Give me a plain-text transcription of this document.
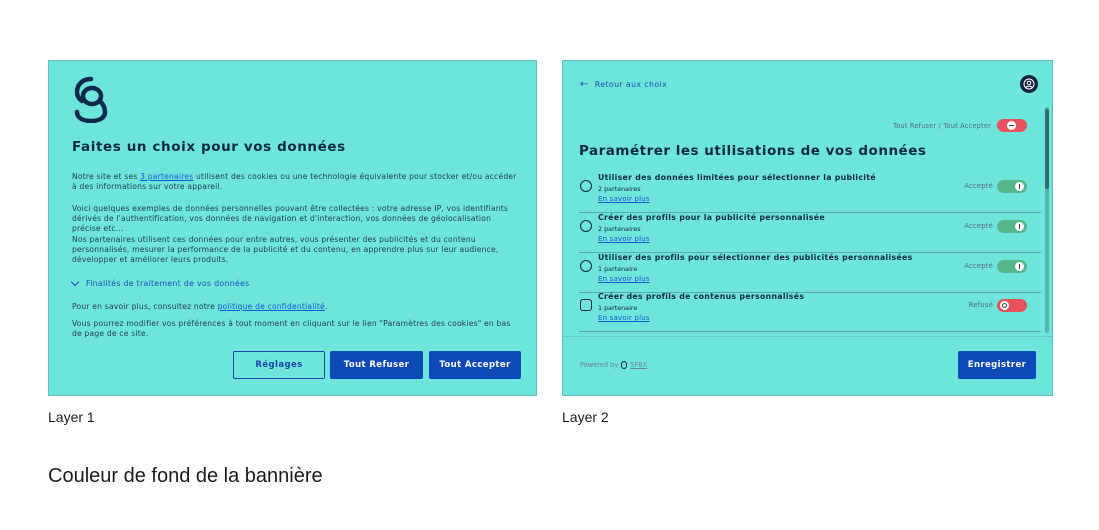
Faites un choix pour vos données
Notre site et ses 3 partenaires utilisent des cookies ou une technologie équivalente pour stocker et/ou accéder à des informations sur votre appareil.
Voici quelques exemples de données personnelles pouvant être collectées : votre adresse IP, vos identifiants dérivés de l'authentification, vos données de navigation et d'interaction, vos données de géolocalisation précise etc...
Nos partenaires utilisent ces données pour entre autres, vous présenter des publicités et du contenu personnalisés, mesurer la performance de la publicité et du contenu, en apprendre plus sur leur audience, développer et améliorer leurs produits.
Finalités de traitement de vos données
Pour en savoir plus, consultez notre politique de confidentialité.
Vous pourrez modifier vos préférences à tout moment en cliquant sur le lien "Paramètres des cookies" en bas de page de ce site.
Réglages	Tout Refuser	Tout Accepter
Layer 1
← Retour aux choix
Tout Refuser / Tout Accepter
Paramétrer les utilisations de vos données
Utiliser des données limitées pour sélectionner la publicité
2 partenaires
En savoir plus
Accepté
Créer des profils pour la publicité personnalisée
2 partenaires
En savoir plus
Accepté
Utiliser des profils pour sélectionner des publicités personnalisées
1 partenaire
En savoir plus
Accepté
Créer des profils de contenus personnalisés
1 partenaire
En savoir plus
Refusé
Powered by SFBX	Enregistrer
Layer 2
Couleur de fond de la bannière
